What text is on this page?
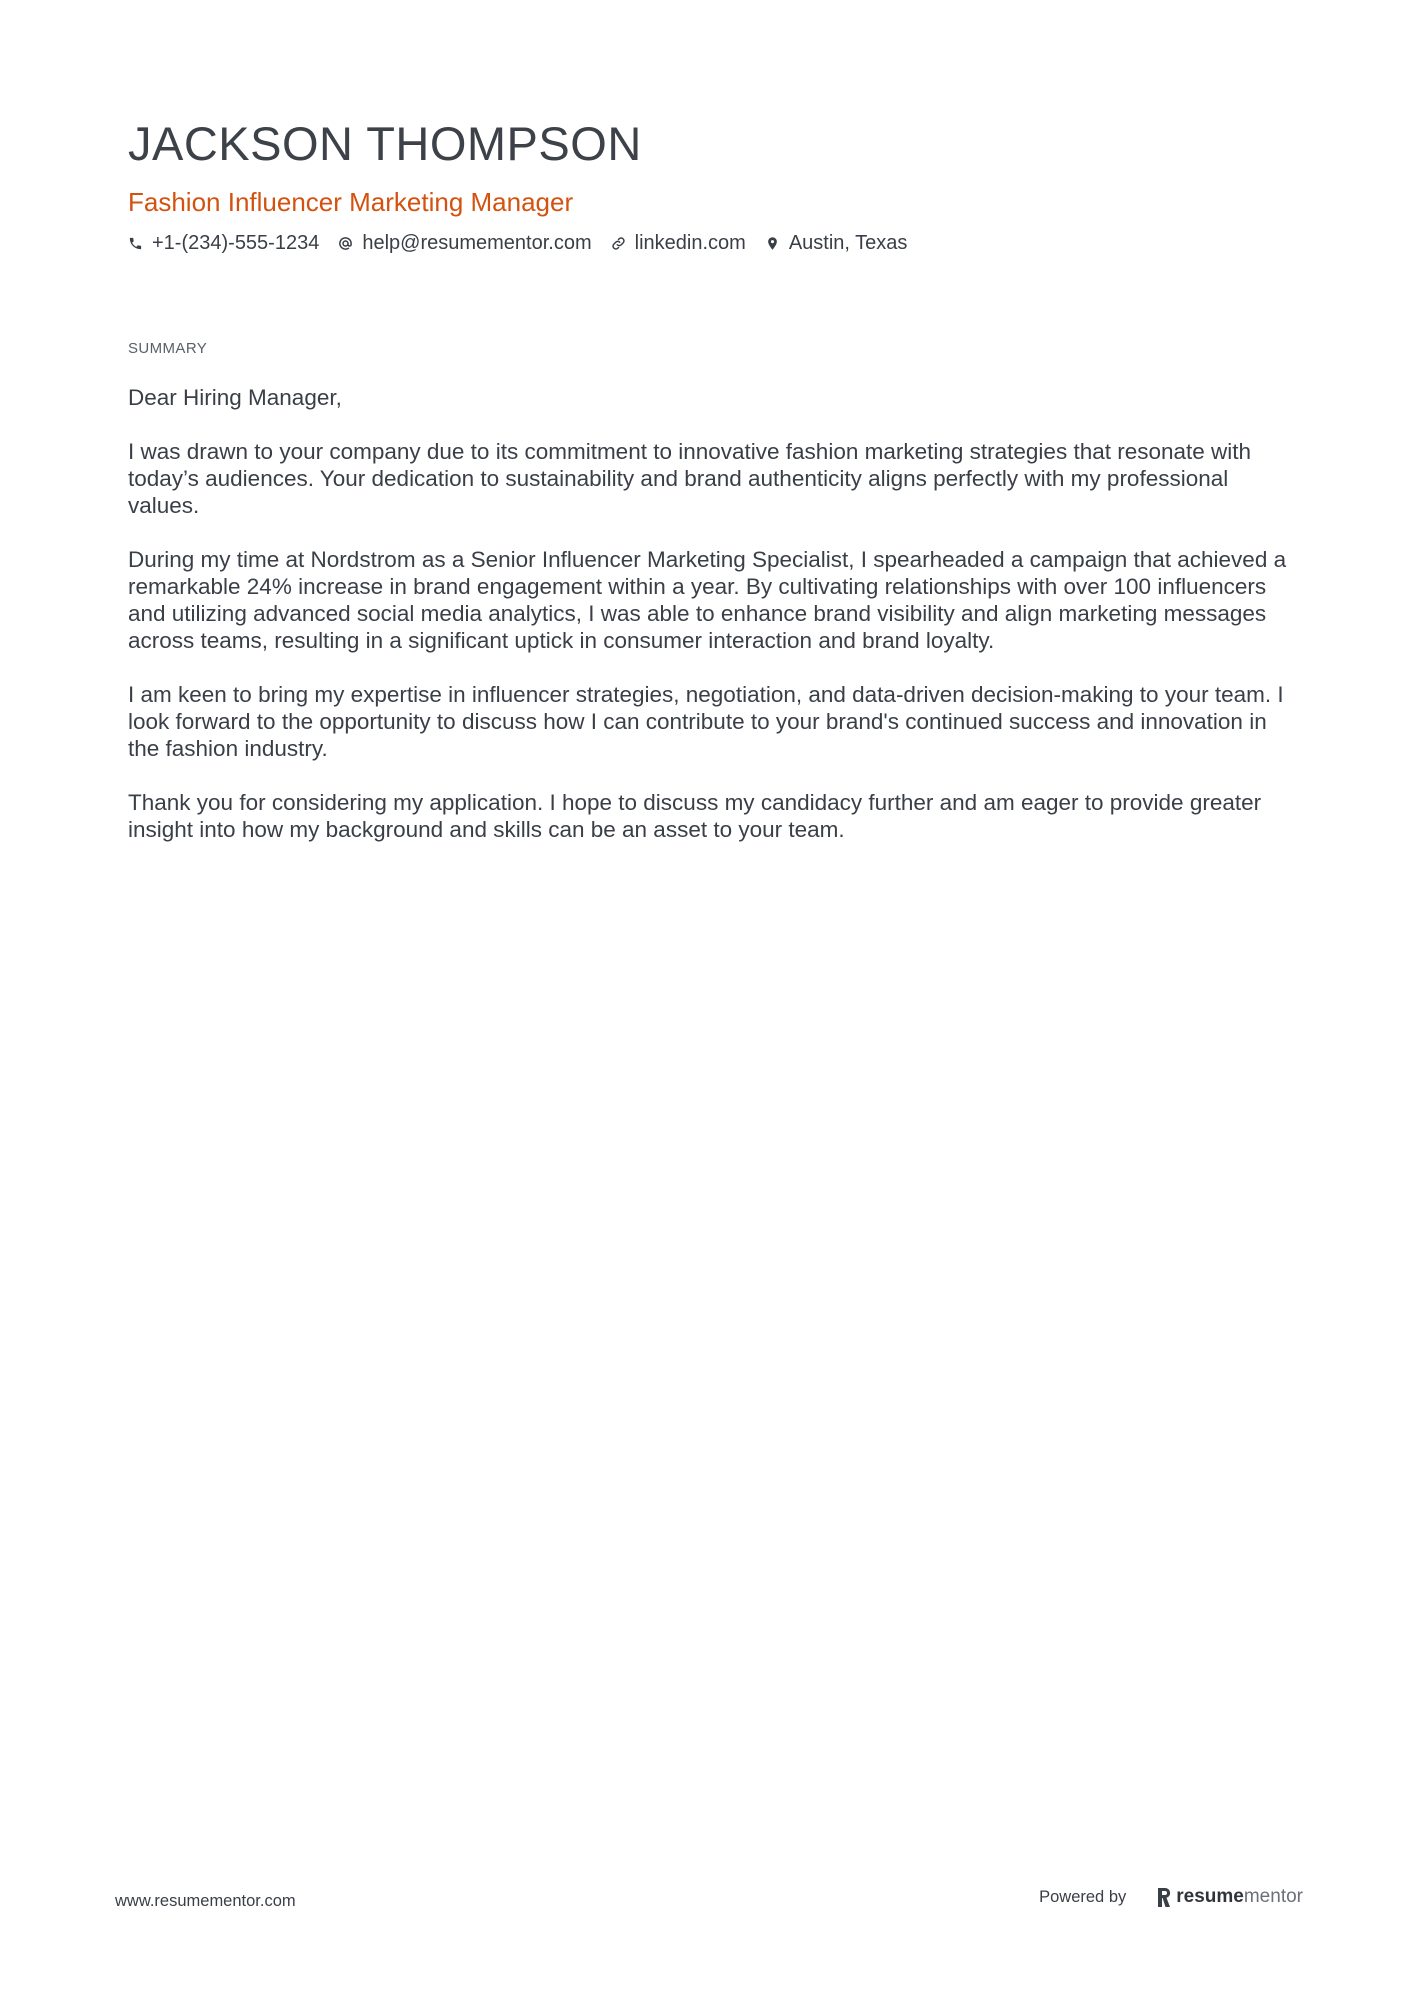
JACKSON THOMPSON
Fashion Influencer Marketing Manager
+1-(234)-555-1234 help@resumementor.com linkedin.com Austin, Texas
SUMMARY

Dear Hiring Manager,

I was drawn to your company due to its commitment to innovative fashion marketing strategies that resonate with today’s audiences. Your dedication to sustainability and brand authenticity aligns perfectly with my professional values.

During my time at Nordstrom as a Senior Influencer Marketing Specialist, I spearheaded a campaign that achieved a remarkable 24% increase in brand engagement within a year. By cultivating relationships with over 100 influencers and utilizing advanced social media analytics, I was able to enhance brand visibility and align marketing messages across teams, resulting in a significant uptick in consumer interaction and brand loyalty.

I am keen to bring my expertise in influencer strategies, negotiation, and data-driven decision-making to your team. I look forward to the opportunity to discuss how I can contribute to your brand's continued success and innovation in the fashion industry.

Thank you for considering my application. I hope to discuss my candidacy further and am eager to provide greater insight into how my background and skills can be an asset to your team.

www.resumementor.com	Powered by	resume mentor
